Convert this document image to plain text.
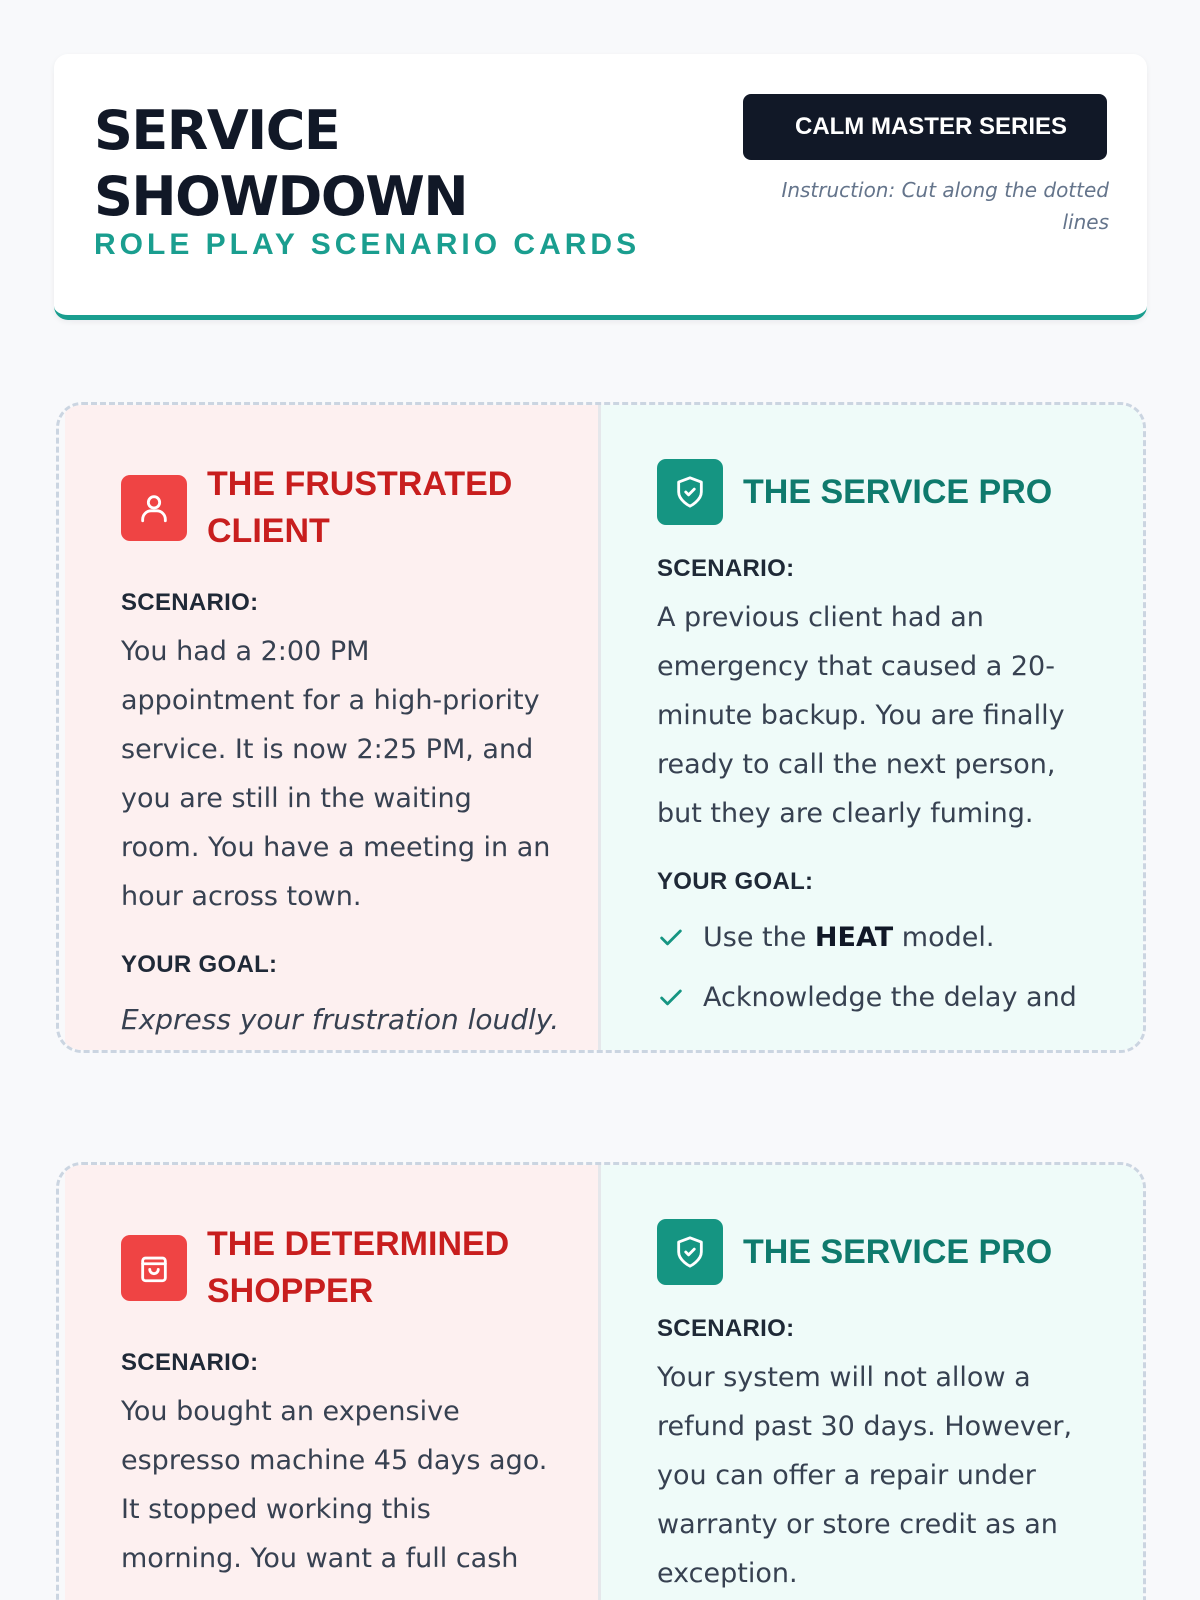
SERVICE
SHOWDOWN
ROLE PLAY SCENARIO CARDS
CALM MASTER SERIES
Instruction: Cut along the dotted lines
THE FRUSTRATED CLIENT
SCENARIO:
You had a 2:00 PM appointment for a high-priority service. It is now 2:25 PM, and you are still in the waiting room. You have a meeting in an hour across town.
YOUR GOAL:
Express your frustration loudly.
THE SERVICE PRO
SCENARIO:
A previous client had an emergency that caused a 20-minute backup. You are finally ready to call the next person, but they are clearly fuming.
YOUR GOAL:
Use the HEAT model.
Acknowledge the delay and
THE DETERMINED SHOPPER
SCENARIO:
You bought an expensive espresso machine 45 days ago. It stopped working this morning. You want a full cash
THE SERVICE PRO
SCENARIO:
Your system will not allow a refund past 30 days. However, you can offer a repair under warranty or store credit as an exception.
